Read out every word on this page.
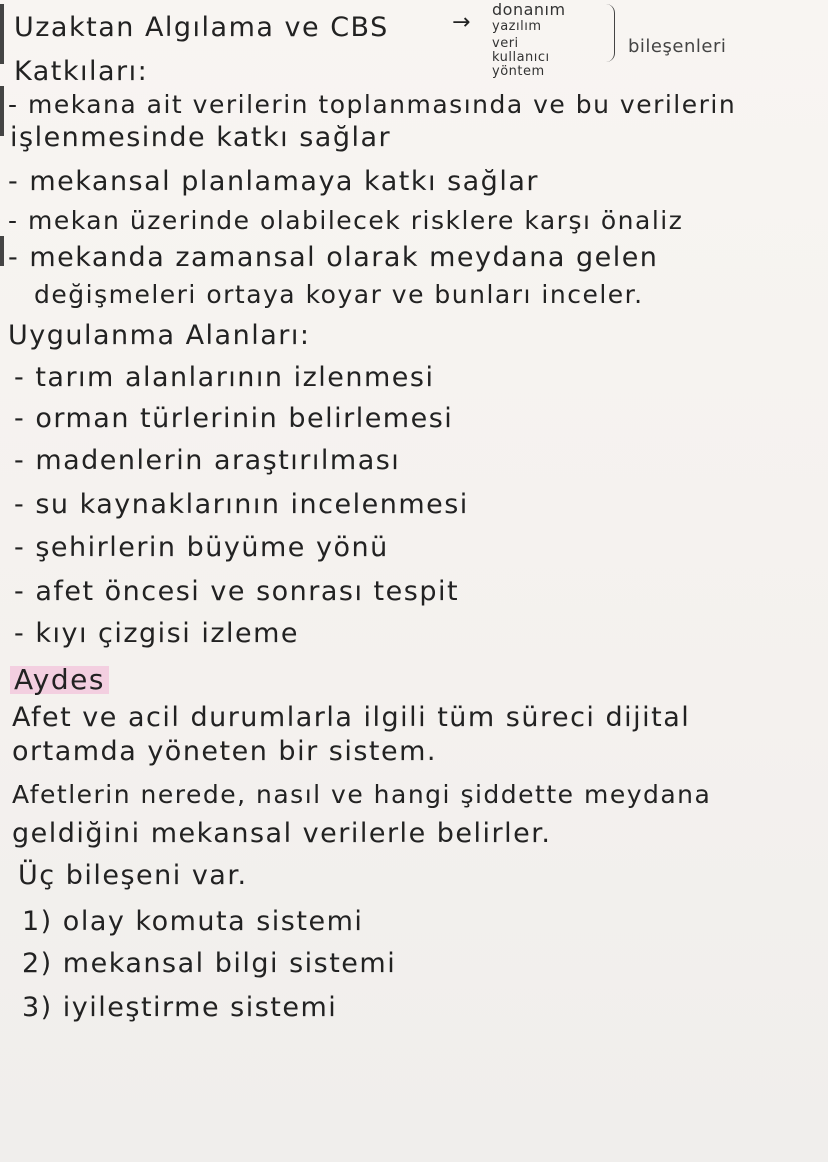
Uzaktan Algılama ve CBS	→
donanım
yazılım
veri
kullanıcı
yöntem
bileşenleri
Katkıları:
- mekana ait verilerin toplanmasında ve bu verilerin
işlenmesinde katkı sağlar
- mekansal planlamaya katkı sağlar
- mekan üzerinde olabilecek risklere karşı önaliz
- mekanda zamansal olarak meydana gelen
değişmeleri ortaya koyar ve bunları inceler.
Uygulanma Alanları:
- tarım alanlarının izlenmesi
- orman türlerinin belirlemesi
- madenlerin araştırılması
- su kaynaklarının incelenmesi
- şehirlerin büyüme yönü
- afet öncesi ve sonrası tespit
- kıyı çizgisi izleme
Aydes
Afet ve acil durumlarla ilgili tüm süreci dijital
ortamda yöneten bir sistem.
Afetlerin nerede, nasıl ve hangi şiddette meydana
geldiğini mekansal verilerle belirler.
Üç bileşeni var.
1) olay komuta sistemi
2) mekansal bilgi sistemi
3) iyileştirme sistemi
